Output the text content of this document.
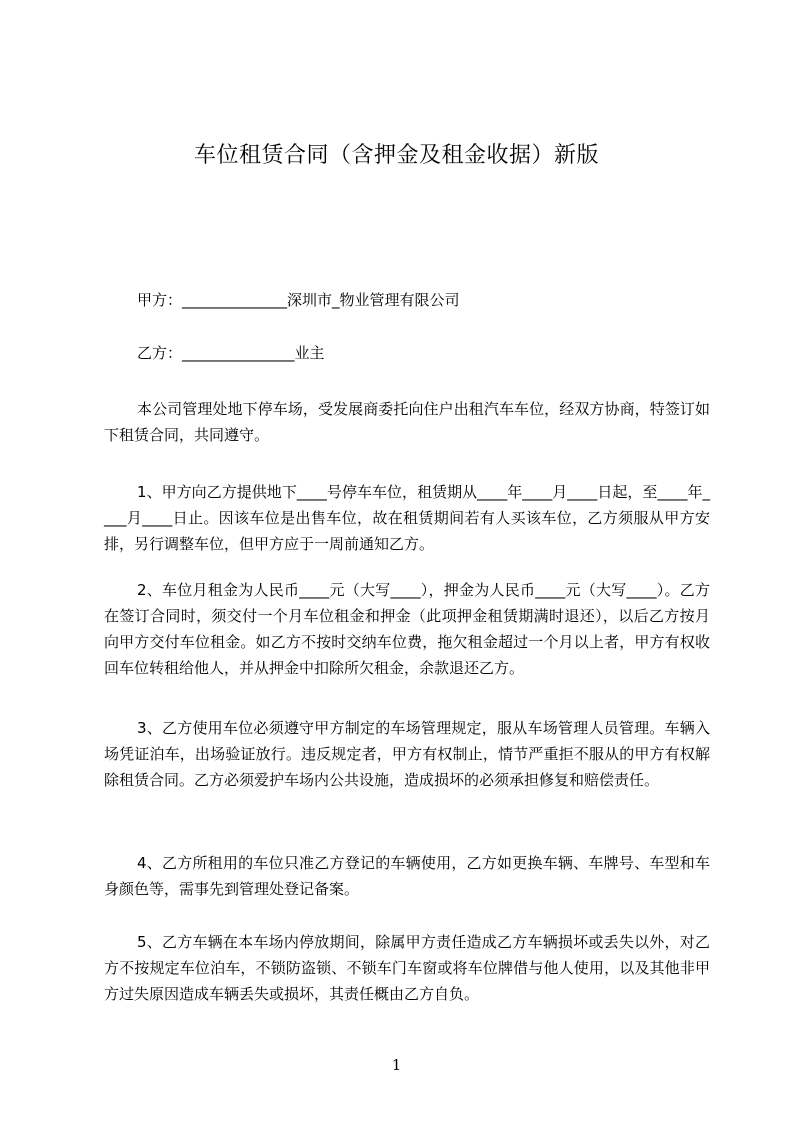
车位租赁合同（含押金及租金收据）新版
甲方：______________深圳市_物业管理有限公司
乙方：_______________业主
本公司管理处地下停车场，受发展商委托向住户出租汽车车位，经双方协商，特签订如下租赁合同，共同遵守。
1、甲方向乙方提供地下____号停车车位，租赁期从____年____月____日起，至____年____月____日止。因该车位是出售车位，故在租赁期间若有人买该车位，乙方须服从甲方安排，另行调整车位，但甲方应于一周前通知乙方。
2、车位月租金为人民币____元（大写____），押金为人民币____元（大写____）。乙方在签订合同时，须交付一个月车位租金和押金（此项押金租赁期满时退还），以后乙方按月向甲方交付车位租金。如乙方不按时交纳车位费，拖欠租金超过一个月以上者，甲方有权收回车位转租给他人，并从押金中扣除所欠租金，余款退还乙方。
3、乙方使用车位必须遵守甲方制定的车场管理规定，服从车场管理人员管理。车辆入场凭证泊车，出场验证放行。违反规定者，甲方有权制止，情节严重拒不服从的甲方有权解除租赁合同。乙方必须爱护车场内公共设施，造成损坏的必须承担修复和赔偿责任。
4、乙方所租用的车位只准乙方登记的车辆使用，乙方如更换车辆、车牌号、车型和车身颜色等，需事先到管理处登记备案。
5、乙方车辆在本车场内停放期间，除属甲方责任造成乙方车辆损坏或丢失以外，对乙方不按规定车位泊车，不锁防盗锁、不锁车门车窗或将车位牌借与他人使用，以及其他非甲方过失原因造成车辆丢失或损坏，其责任概由乙方自负。
1
